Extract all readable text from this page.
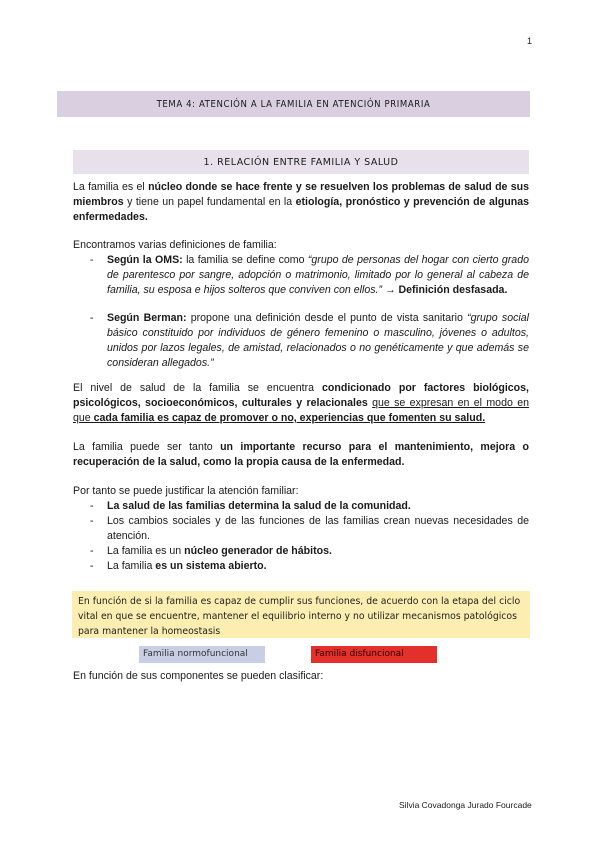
1
TEMA 4: ATENCIÓN A LA FAMILIA EN ATENCIÓN PRIMARIA
1. RELACIÓN ENTRE FAMILIA Y SALUD
La familia es el núcleo donde se hace frente y se resuelven los problemas de salud de sus miembros y tiene un papel fundamental en la etiología, pronóstico y prevención de algunas enfermedades.
Encontramos varias definiciones de familia:
- Según la OMS: la familia se define como “grupo de personas del hogar con cierto grado de parentesco por sangre, adopción o matrimonio, limitado por lo general al cabeza de familia, su esposa e hijos solteros que conviven con ellos.” → Definición desfasada.
- Según Berman: propone una definición desde el punto de vista sanitario “grupo social básico constituido por individuos de género femenino o masculino, jóvenes o adultos, unidos por lazos legales, de amistad, relacionados o no genéticamente y que además se consideran allegados.”
El nivel de salud de la familia se encuentra condicionado por factores biológicos, psicológicos, socioeconómicos, culturales y relacionales que se expresan en el modo en que cada familia es capaz de promover o no, experiencias que fomenten su salud.
La familia puede ser tanto un importante recurso para el mantenimiento, mejora o recuperación de la salud, como la propia causa de la enfermedad.
Por tanto se puede justificar la atención familiar:
- La salud de las familias determina la salud de la comunidad.
- Los cambios sociales y de las funciones de las familias crean nuevas necesidades de atención.
- La familia es un núcleo generador de hábitos.
- La familia es un sistema abierto.
En función de si la familia es capaz de cumplir sus funciones, de acuerdo con la etapa del ciclo vital en que se encuentre, mantener el equilibrio interno y no utilizar mecanismos patológicos para mantener la homeostasis
Familia normofuncional	Familia disfuncional
En función de sus componentes se pueden clasificar:
Silvia Covadonga Jurado Fourcade
